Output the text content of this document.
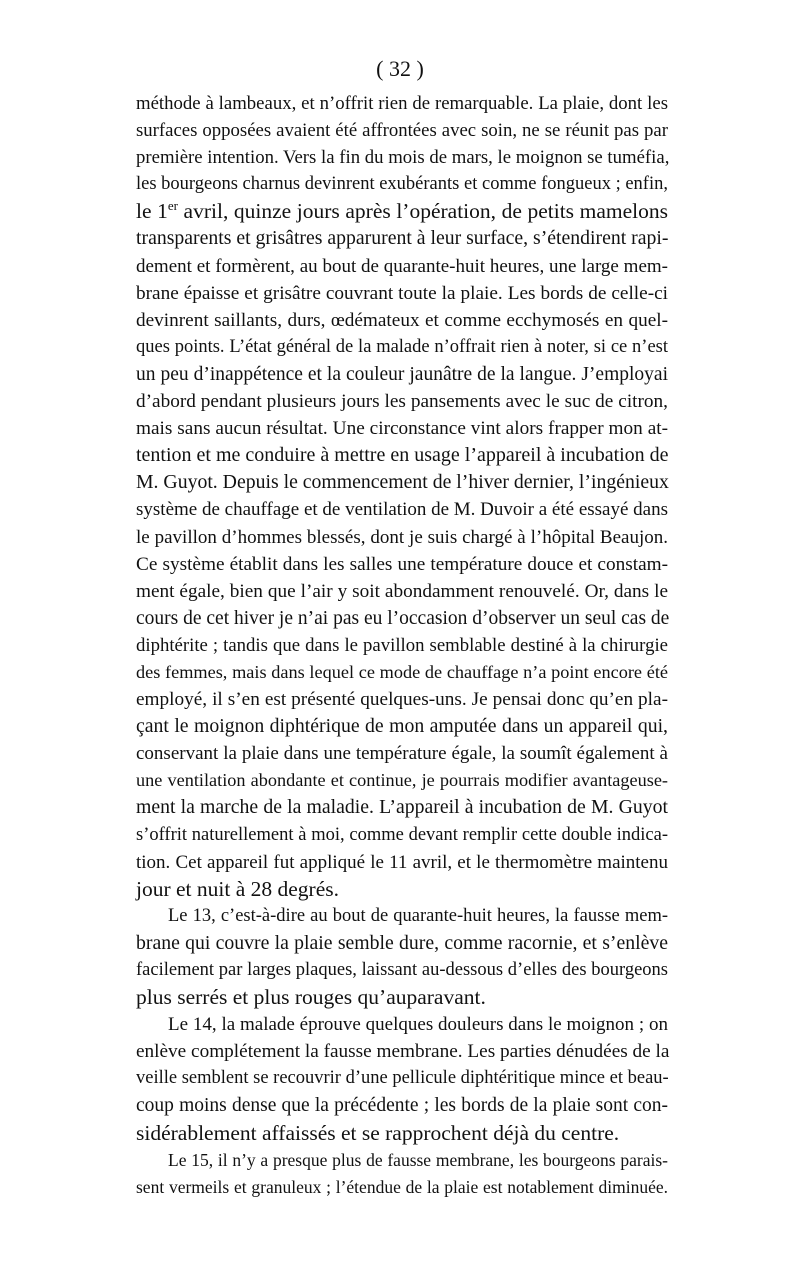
( 32 )
méthode à lambeaux, et n’offrit rien de remarquable. La plaie, dont les
surfaces opposées avaient été affrontées avec soin, ne se réunit pas par
première intention. Vers la fin du mois de mars, le moignon se tuméfia,
les bourgeons charnus devinrent exubérants et comme fongueux ; enfin,
le 1er avril, quinze jours après l’opération, de petits mamelons
transparents et grisâtres apparurent à leur surface, s’étendirent rapi-
dement et formèrent, au bout de quarante-huit heures, une large mem-
brane épaisse et grisâtre couvrant toute la plaie. Les bords de celle-ci
devinrent saillants, durs, œdémateux et comme ecchymosés en quel-
ques points. L’état général de la malade n’offrait rien à noter, si ce n’est
un peu d’inappétence et la couleur jaunâtre de la langue. J’employai
d’abord pendant plusieurs jours les pansements avec le suc de citron,
mais sans aucun résultat. Une circonstance vint alors frapper mon at-
tention et me conduire à mettre en usage l’appareil à incubation de
M. Guyot. Depuis le commencement de l’hiver dernier, l’ingénieux
système de chauffage et de ventilation de M. Duvoir a été essayé dans
le pavillon d’hommes blessés, dont je suis chargé à l’hôpital Beaujon.
Ce système établit dans les salles une température douce et constam-
ment égale, bien que l’air y soit abondamment renouvelé. Or, dans le
cours de cet hiver je n’ai pas eu l’occasion d’observer un seul cas de
diphtérite ; tandis que dans le pavillon semblable destiné à la chirurgie
des femmes, mais dans lequel ce mode de chauffage n’a point encore été
employé, il s’en est présenté quelques-uns. Je pensai donc qu’en pla-
çant le moignon diphtérique de mon amputée dans un appareil qui,
conservant la plaie dans une température égale, la soumît également à
une ventilation abondante et continue, je pourrais modifier avantageuse-
ment la marche de la maladie. L’appareil à incubation de M. Guyot
s’offrit naturellement à moi, comme devant remplir cette double indica-
tion. Cet appareil fut appliqué le 11 avril, et le thermomètre maintenu
jour et nuit à 28 degrés.
Le 13, c’est-à-dire au bout de quarante-huit heures, la fausse mem-
brane qui couvre la plaie semble dure, comme racornie, et s’enlève
facilement par larges plaques, laissant au-dessous d’elles des bourgeons
plus serrés et plus rouges qu’auparavant.
Le 14, la malade éprouve quelques douleurs dans le moignon ; on
enlève complétement la fausse membrane. Les parties dénudées de la
veille semblent se recouvrir d’une pellicule diphtéritique mince et beau-
coup moins dense que la précédente ; les bords de la plaie sont con-
sidérablement affaissés et se rapprochent déjà du centre.
Le 15, il n’y a presque plus de fausse membrane, les bourgeons parais-
sent vermeils et granuleux ; l’étendue de la plaie est notablement diminuée.
